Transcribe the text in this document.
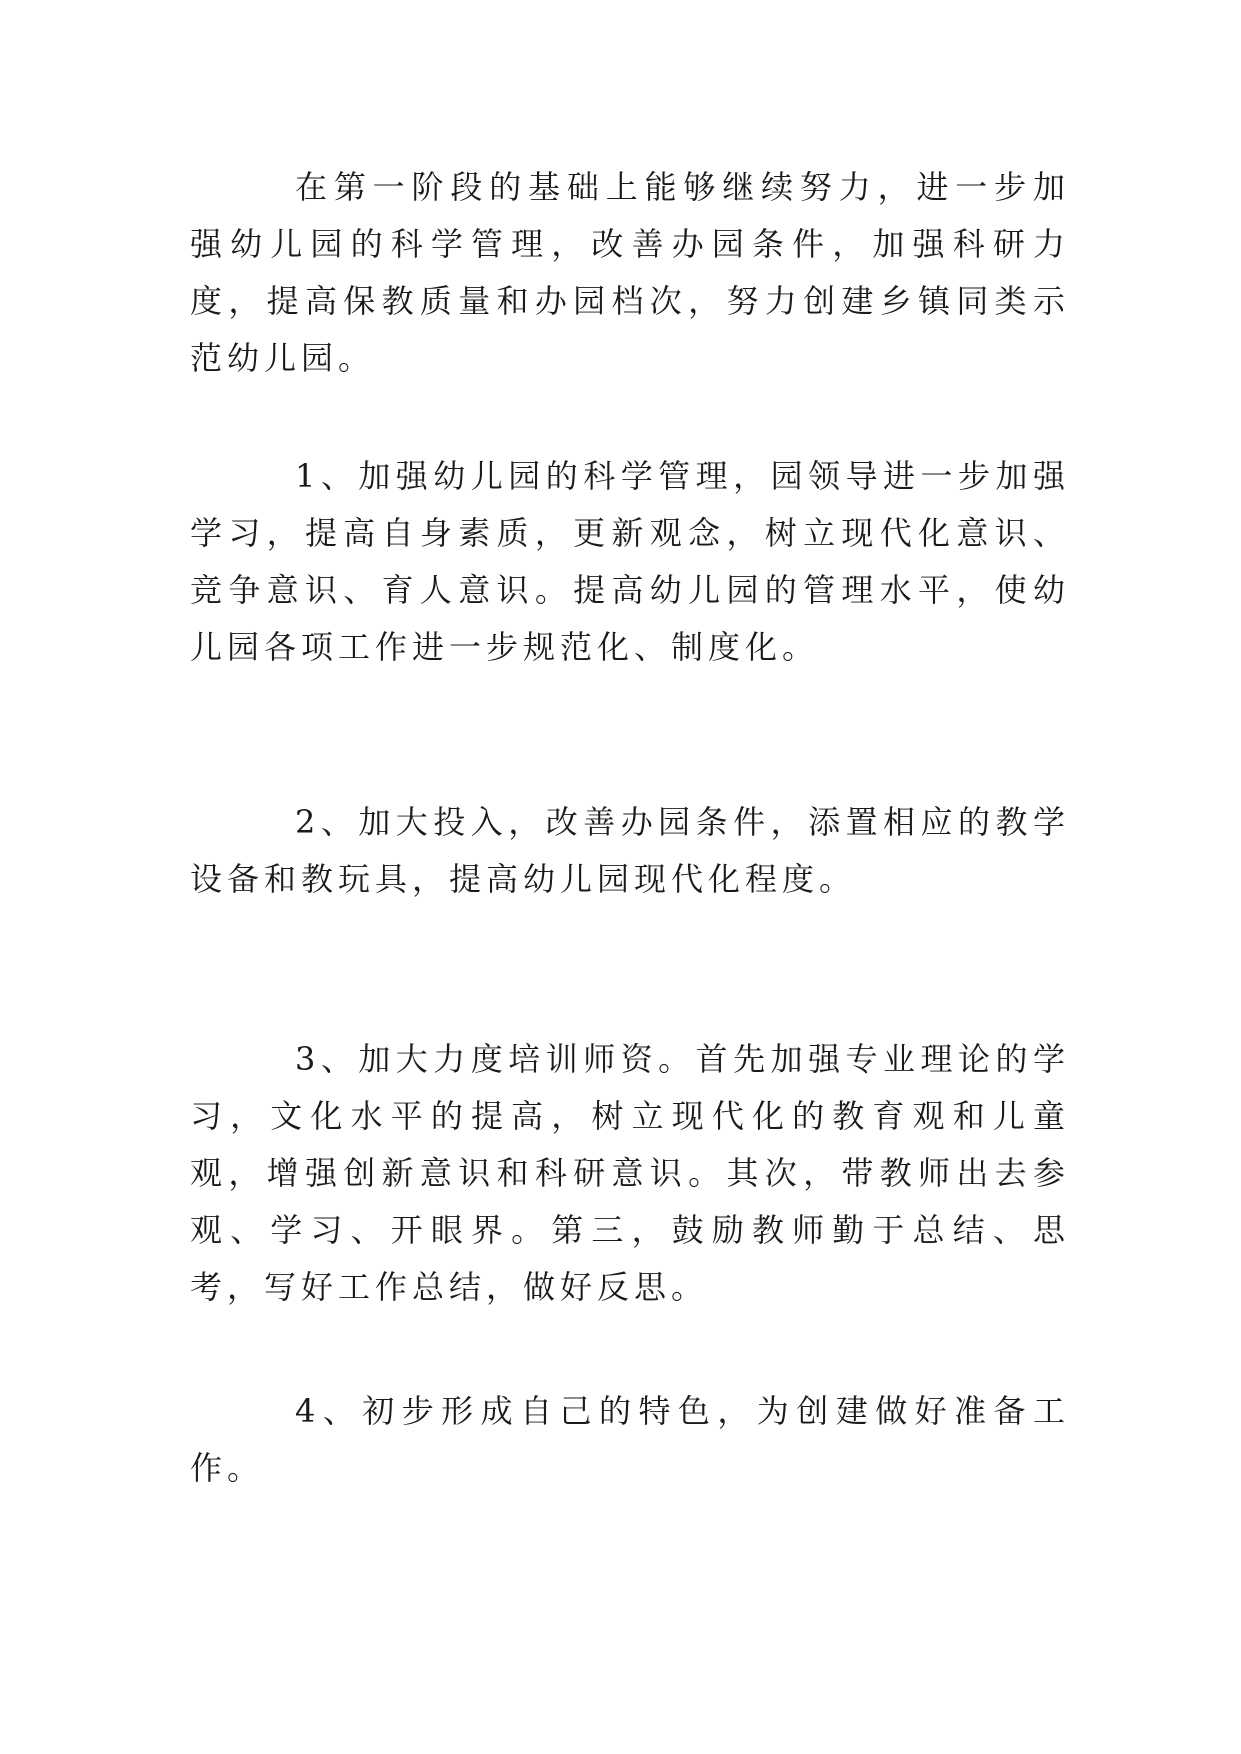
在第一阶段的基础上能够继续努力，进一步加强幼儿园的科学管理，改善办园条件，加强科研力度，提高保教质量和办园档次，努力创建乡镇同类示范幼儿园。

1、加强幼儿园的科学管理，园领导进一步加强学习，提高自身素质，更新观念，树立现代化意识、竞争意识、育人意识。提高幼儿园的管理水平，使幼儿园各项工作进一步规范化、制度化。

2、加大投入，改善办园条件，添置相应的教学设备和教玩具，提高幼儿园现代化程度。

3、加大力度培训师资。首先加强专业理论的学习，文化水平的提高，树立现代化的教育观和儿童观，增强创新意识和科研意识。其次，带教师出去参观、学习、开眼界。第三，鼓励教师勤于总结、思考，写好工作总结，做好反思。

4、初步形成自己的特色，为创建做好准备工作。
